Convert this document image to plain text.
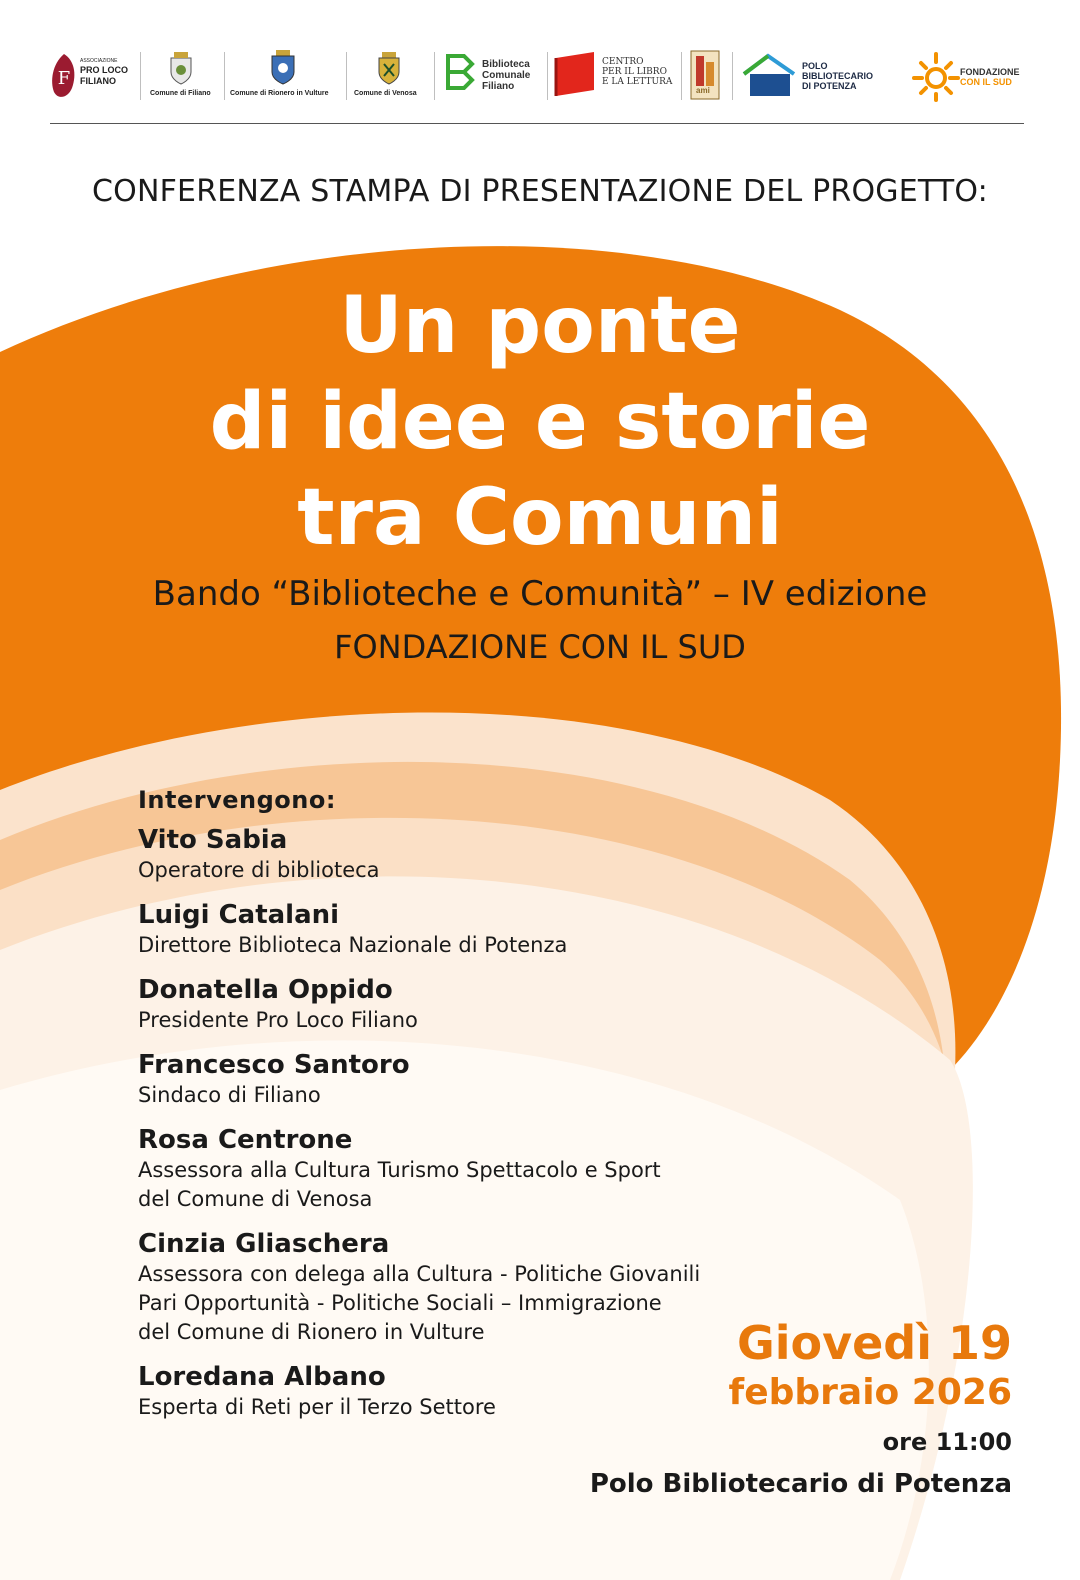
F
ASSOCIAZIONE
PRO LOCO
FILIANO
Comune di Filiano	Comune di Rionero in Vulture	Comune di Venosa
Biblioteca
Comunale
Filiano
CENTRO
PER IL LIBRO
E LA LETTURA
ami
POLO
BIBLIOTECARIO
DI POTENZA
FONDAZIONE
CON IL SUD
CONFERENZA STAMPA DI PRESENTAZIONE DEL PROGETTO:
Un ponte
di idee e storie
tra Comuni
Bando “Biblioteche e Comunità” – IV edizione
FONDAZIONE CON IL SUD
Intervengono:
Vito Sabia
Operatore di biblioteca
Luigi Catalani
Direttore Biblioteca Nazionale di Potenza
Donatella Oppido
Presidente Pro Loco Filiano
Francesco Santoro
Sindaco di Filiano
Rosa Centrone
Assessora alla Cultura Turismo Spettacolo e Sport
del Comune di Venosa
Cinzia Gliaschera
Assessora con delega alla Cultura - Politiche Giovanili
Pari Opportunità - Politiche Sociali – Immigrazione
del Comune di Rionero in Vulture
Loredana Albano
Esperta di Reti per il Terzo Settore
Giovedì 19
febbraio 2026
ore 11:00
Polo Bibliotecario di Potenza
